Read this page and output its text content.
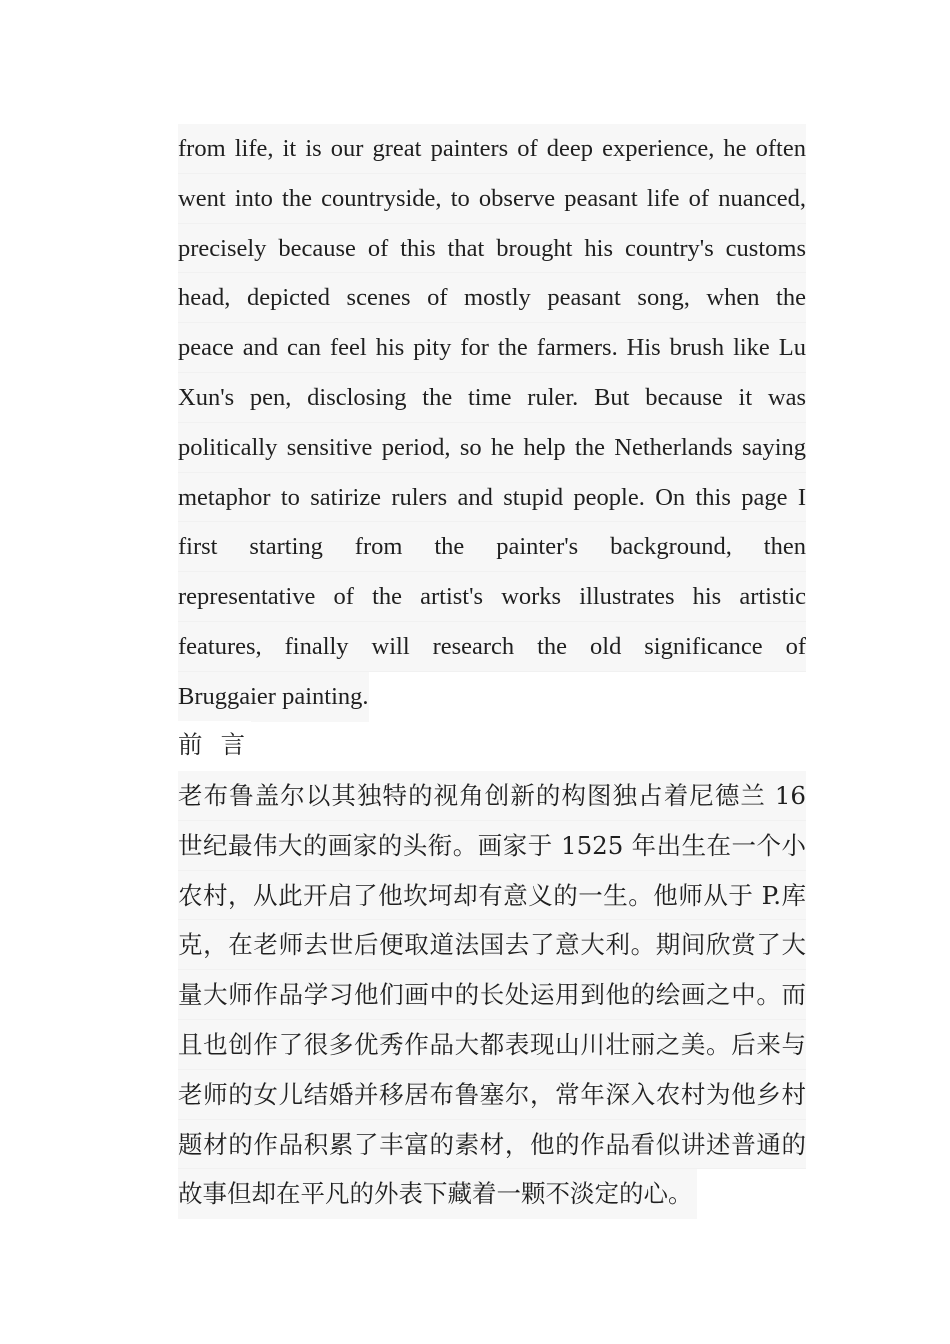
from life, it is our great painters of deep experience, he often
went into the countryside, to observe peasant life of nuanced,
precisely because of this that brought his country's customs
head, depicted scenes of mostly peasant song, when the
peace and can feel his pity for the farmers. His brush like Lu
Xun's pen, disclosing the time ruler. But because it was
politically sensitive period, so he help the Netherlands saying
metaphor to satirize rulers and stupid people. On this page I
first starting from the painter's background, then
representative of the artist's works illustrates his artistic
features, finally will research the old significance of
Bruggaier painting.
前 言
老布鲁盖尔以其独特的视角创新的构图独占着尼德兰 16
世纪最伟大的画家的头衔。画家于 1525 年出生在一个小
农村，从此开启了他坎坷却有意义的一生。他师从于 P.库
克，在老师去世后便取道法国去了意大利。期间欣赏了大
量大师作品学习他们画中的长处运用到他的绘画之中。而
且也创作了很多优秀作品大都表现山川壮丽之美。后来与
老师的女儿结婚并移居布鲁塞尔，常年深入农村为他乡村
题材的作品积累了丰富的素材，他的作品看似讲述普通的
故事但却在平凡的外表下藏着一颗不淡定的心。
